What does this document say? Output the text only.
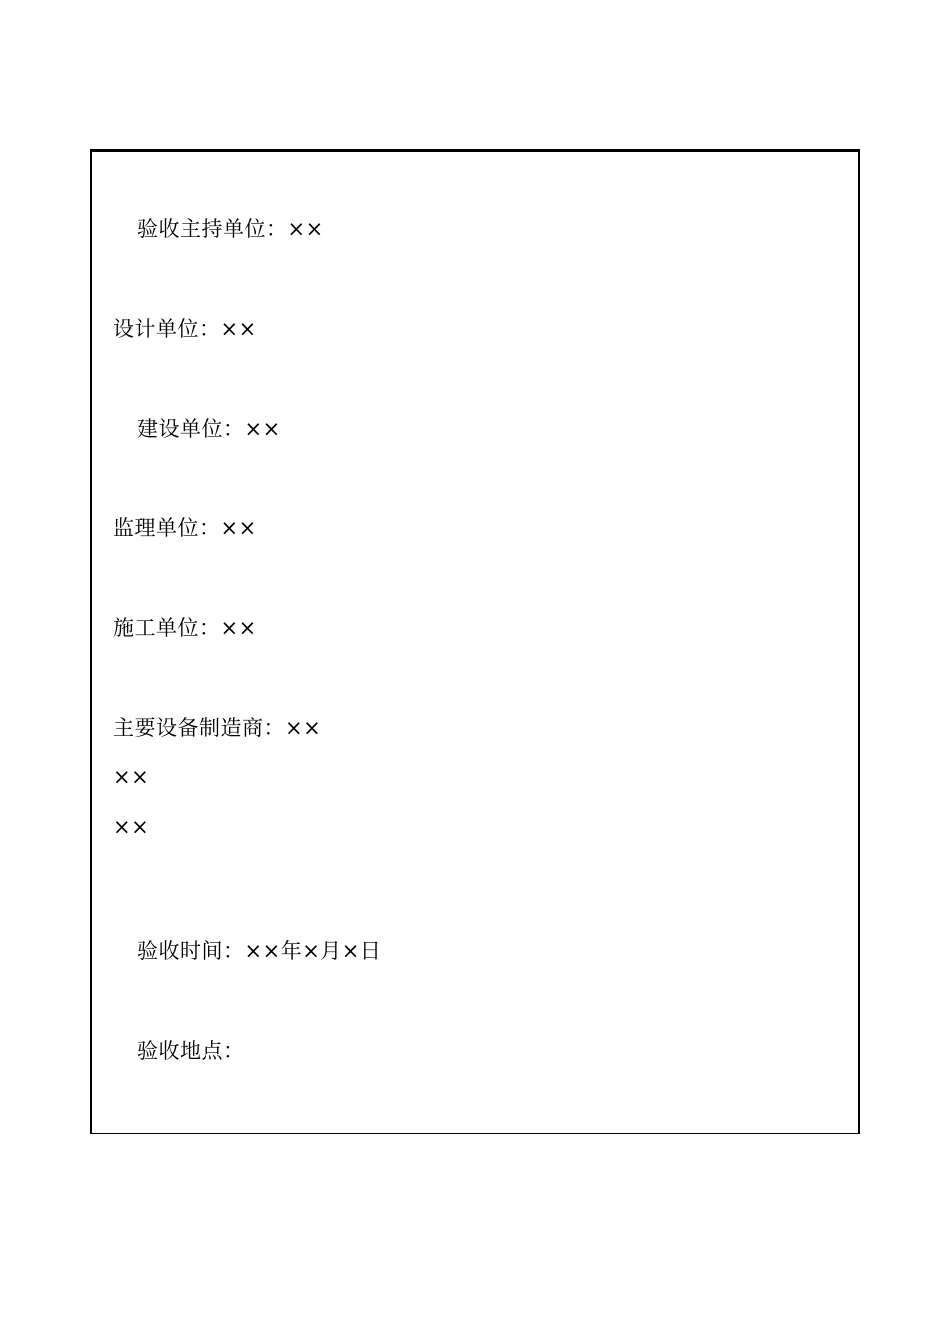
验收主持单位：××
设计单位：××
建设单位：××
监理单位：××
施工单位：××
主要设备制造商：××
××
××
验收时间：××年×月×日
验收地点：
